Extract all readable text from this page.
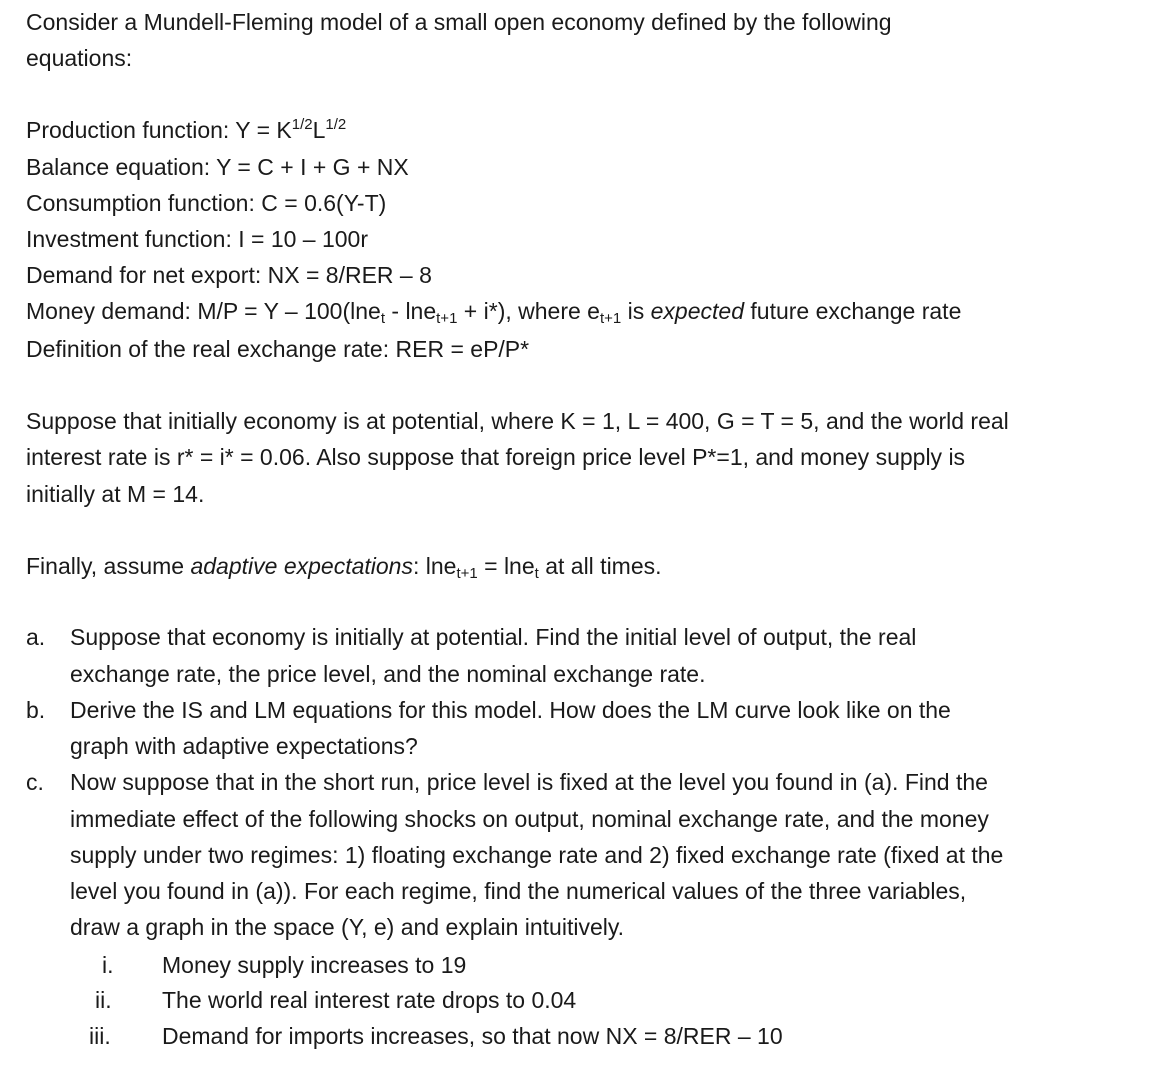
Consider a Mundell-Fleming model of a small open economy defined by the following
equations:
Production function: $Y = K^{1/2}L^{1/2}$
Balance equation: Y = C + I + G + NX
Consumption function: C = 0.6(Y-T)
Investment function: I = 10 – 100r
Demand for net export: NX = 8/RER – 8
Money demand: M/P = Y – 100(lne$_t$ - lne$_{t+1}$ + i*), where $e_{t+1}$ is expected future exchange rate
Definition of the real exchange rate: RER = eP/P*
Suppose that initially economy is at potential, where K = 1, L = 400, G = T = 5, and the world real
interest rate is r* = i* = 0.06. Also suppose that foreign price level P*=1, and money supply is
initially at M = 14.
Finally, assume adaptive expectations: lne$_{t+1}$ = lne$_t$ at all times.
a. Suppose that economy is initially at potential. Find the initial level of output, the real
exchange rate, the price level, and the nominal exchange rate.
b. Derive the IS and LM equations for this model. How does the LM curve look like on the
graph with adaptive expectations?
c. Now suppose that in the short run, price level is fixed at the level you found in (a). Find the
immediate effect of the following shocks on output, nominal exchange rate, and the money
supply under two regimes: 1) floating exchange rate and 2) fixed exchange rate (fixed at the
level you found in (a)). For each regime, find the numerical values of the three variables,
draw a graph in the space (Y, e) and explain intuitively.
i. Money supply increases to 19
ii. The world real interest rate drops to 0.04
iii. Demand for imports increases, so that now NX = 8/RER – 10
